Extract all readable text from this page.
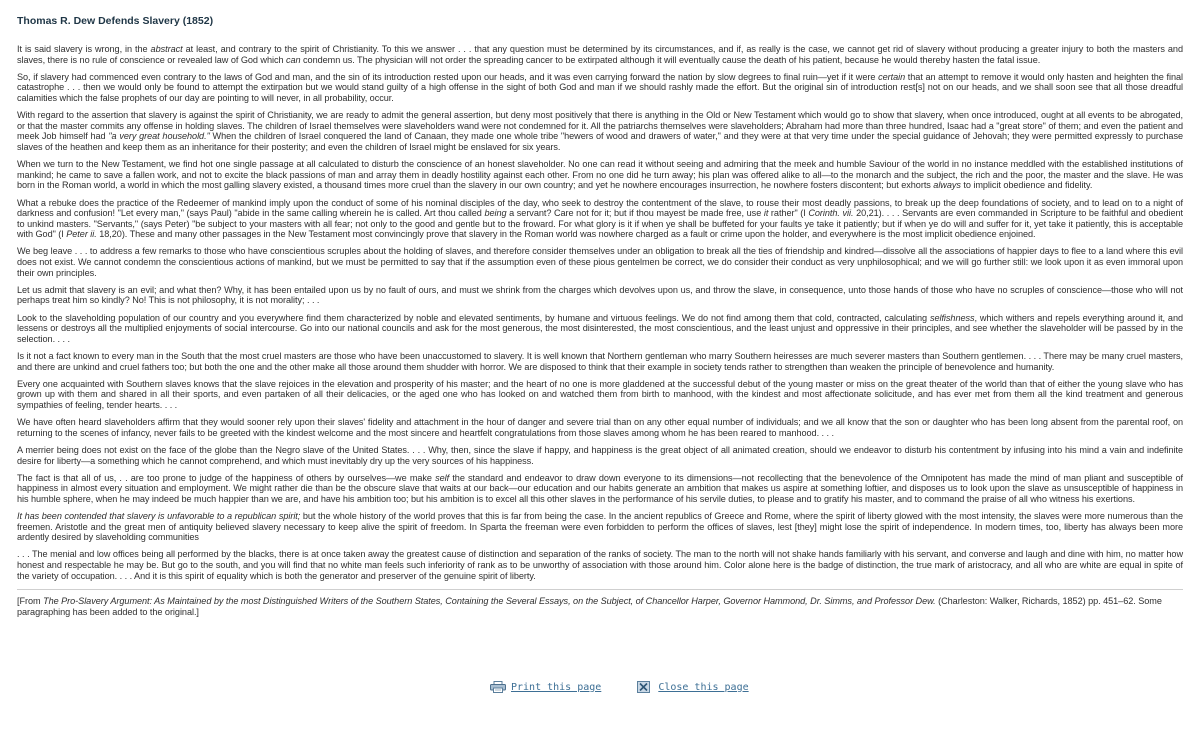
Thomas R. Dew Defends Slavery (1852)

It is said slavery is wrong, in the abstract at least, and contrary to the spirit of Christianity. To this we answer . . . that any question must be determined by its circumstances, and if, as really is the case, we cannot get rid of slavery without producing a greater injury to both the masters and slaves, there is no rule of conscience or revealed law of God which can condemn us. The physician will not order the spreading cancer to be extirpated although it will eventually cause the death of his patient, because he would thereby hasten the fatal issue.

So, if slavery had commenced even contrary to the laws of God and man, and the sin of its introduction rested upon our heads, and it was even carrying forward the nation by slow degrees to final ruin—yet if it were certain that an attempt to remove it would only hasten and heighten the final catastrophe . . . then we would only be found to attempt the extirpation but we would stand guilty of a high offense in the sight of both God and man if we should rashly made the effort. But the original sin of introduction rest[s] not on our heads, and we shall soon see that all those dreadful calamities which the false prophets of our day are pointing to will never, in all probability, occur.

With regard to the assertion that slavery is against the spirit of Christianity, we are ready to admit the general assertion, but deny most positively that there is anything in the Old or New Testament which would go to show that slavery, when once introduced, ought at all events to be abrogated, or that the master commits any offense in holding slaves. The children of Israel themselves were slaveholders wand were not condemned for it. All the patriarchs themselves were slaveholders; Abraham had more than three hundred, Isaac had a "great store" of them; and even the patient and meek Job himself had "a very great household." When the children of Israel conquered the land of Canaan, they made one whole tribe "hewers of wood and drawers of water," and they were at that very time under the special guidance of Jehovah; they were permitted expressly to purchase slaves of the heathen and keep them as an inheritance for their posterity; and even the children of Israel might be enslaved for six years.

When we turn to the New Testament, we find hot one single passage at all calculated to disturb the conscience of an honest slaveholder. No one can read it without seeing and admiring that the meek and humble Saviour of the world in no instance meddled with the established institutions of mankind; he came to save a fallen work, and not to excite the black passions of man and array them in deadly hostility against each other. From no one did he turn away; his plan was offered alike to all—to the monarch and the subject, the rich and the poor, the master and the slave. He was born in the Roman world, a world in which the most galling slavery existed, a thousand times more cruel than the slavery in our own country; and yet he nowhere encourages insurrection, he nowhere fosters discontent; but exhorts always to implicit obedience and fidelity.

What a rebuke does the practice of the Redeemer of mankind imply upon the conduct of some of his nominal disciples of the day, who seek to destroy the contentment of the slave, to rouse their most deadly passions, to break up the deep foundations of society, and to lead on to a night of darkness and confusion! "Let every man," (says Paul) "abide in the same calling wherein he is called. Art thou called being a servant? Care not for it; but if thou mayest be made free, use it rather" (I Corinth. vii. 20,21). . . . Servants are even commanded in Scripture to be faithful and obedient to unkind masters. "Servants," (says Peter) "be subject to your masters with all fear; not only to the good and gentle but to the froward. For what glory is it if when ye shall be buffeted for your faults ye take it patiently; but if when ye do will and suffer for it, yet take it patiently, this is acceptable with God" (I Peter ii. 18,20). These and many other passages in the New Testament most convincingly prove that slavery in the Roman world was nowhere charged as a fault or crime upon the holder, and everywhere is the most implicit obedience enjoined.

We beg leave . . . to address a few remarks to those who have conscientious scruples about the holding of slaves, and therefore consider themselves under an obligation to break all the ties of friendship and kindred—dissolve all the associations of happier days to flee to a land where this evil does not exist. We cannot condemn the conscientious actions of mankind, but we must be permitted to say that if the assumption even of these pious gentelmen be correct, we do consider their conduct as very unphilosophical; and we will go further still: we look upon it as even immoral upon their own principles.

Let us admit that slavery is an evil; and what then? Why, it has been entailed upon us by no fault of ours, and must we shrink from the charges which devolves upon us, and throw the slave, in consequence, unto those hands of those who have no scruples of conscience—those who will not perhaps treat him so kindly? No! This is not philosophy, it is not morality; . . .

Look to the slaveholding population of our country and you everywhere find them characterized by noble and elevated sentiments, by humane and virtuous feelings. We do not find among them that cold, contracted, calculating selfishness, which withers and repels everything around it, and lessens or destroys all the multiplied enjoyments of social intercourse. Go into our national councils and ask for the most generous, the most disinterested, the most conscientious, and the least unjust and oppressive in their principles, and see whether the slaveholder will be passed by in the selection. . . .

Is it not a fact known to every man in the South that the most cruel masters are those who have been unaccustomed to slavery. It is well known that Northern gentleman who marry Southern heiresses are much severer masters than Southern gentlemen. . . . There may be many cruel masters, and there are unkind and cruel fathers too; but both the one and the other make all those around them shudder with horror. We are disposed to think that their example in society tends rather to strengthen than weaken the principle of benevolence and humanity.

Every one acquainted with Southern slaves knows that the slave rejoices in the elevation and prosperity of his master; and the heart of no one is more gladdened at the successful debut of the young master or miss on the great theater of the world than that of either the young slave who has grown up with them and shared in all their sports, and even partaken of all their delicacies, or the aged one who has looked on and watched them from birth to manhood, with the kindest and most affectionate solicitude, and has ever met from them all the kind treatment and generous sympathies of feeling, tender hearts. . . .

We have often heard slaveholders affirm that they would sooner rely upon their slaves' fidelity and attachment in the hour of danger and severe trial than on any other equal number of individuals; and we all know that the son or daughter who has been long absent from the parental roof, on returning to the scenes of infancy, never fails to be greeted with the kindest welcome and the most sincere and heartfelt congratulations from those slaves among whom he has been reared to manhood. . . .

A merrier being does not exist on the face of the globe than the Negro slave of the United States. . . . Why, then, since the slave if happy, and happiness is the great object of all animated creation, should we endeavor to disturb his contentment by infusing into his mind a vain and indefinite desire for liberty—a something which he cannot comprehend, and which must inevitably dry up the very sources of his happiness.

The fact is that all of us, . . are too prone to judge of the happiness of others by ourselves—we make self the standard and endeavor to draw down everyone to its dimensions—not recollecting that the benevolence of the Omnipotent has made the mind of man pliant and susceptible of happiness in almost every situation and employment. We might rather die than be the obscure slave that waits at our back—our education and our habits generate an ambition that makes us aspire at something loftier, and disposes us to look upon the slave as unsusceptible of happiness in his humble sphere, when he may indeed be much happier than we are, and have his ambition too; but his ambition is to excel all this other slaves in the performance of his servile duties, to please and to gratify his master, and to command the praise of all who witness his exertions.

It has been contended that slavery is unfavorable to a republican spirit; but the whole history of the world proves that this is far from being the case. In the ancient republics of Greece and Rome, where the spirit of liberty glowed with the most intensity, the slaves were more numerous than the freemen. Aristotle and the great men of antiquity believed slavery necessary to keep alive the spirit of freedom. In Sparta the freeman were even forbidden to perform the offices of slaves, lest [they] might lose the spirit of independence. In modern times, too, liberty has always been more ardently desired by slaveholding communities

. . . The menial and low offices being all performed by the blacks, there is at once taken away the greatest cause of distinction and separation of the ranks of society. The man to the north will not shake hands familiarly with his servant, and converse and laugh and dine with him, no matter how honest and respectable he may be. But go to the south, and you will find that no white man feels such inferiority of rank as to be unworthy of association with those around him. Color alone here is the badge of distinction, the true mark of aristocracy, and all who are white are equal in spite of the variety of occupation. . . . And it is this spirit of equality which is both the generator and preserver of the genuine spirit of liberty.

[From The Pro-Slavery Argument: As Maintained by the most Distinguished Writers of the Southern States, Containing the Several Essays, on the Subject, of Chancellor Harper, Governor Hammond, Dr. Simms, and Professor Dew. (Charleston: Walker, Richards, 1852) pp. 451–62. Some paragraphing has been added to the original.]

Print this page	Close this page
